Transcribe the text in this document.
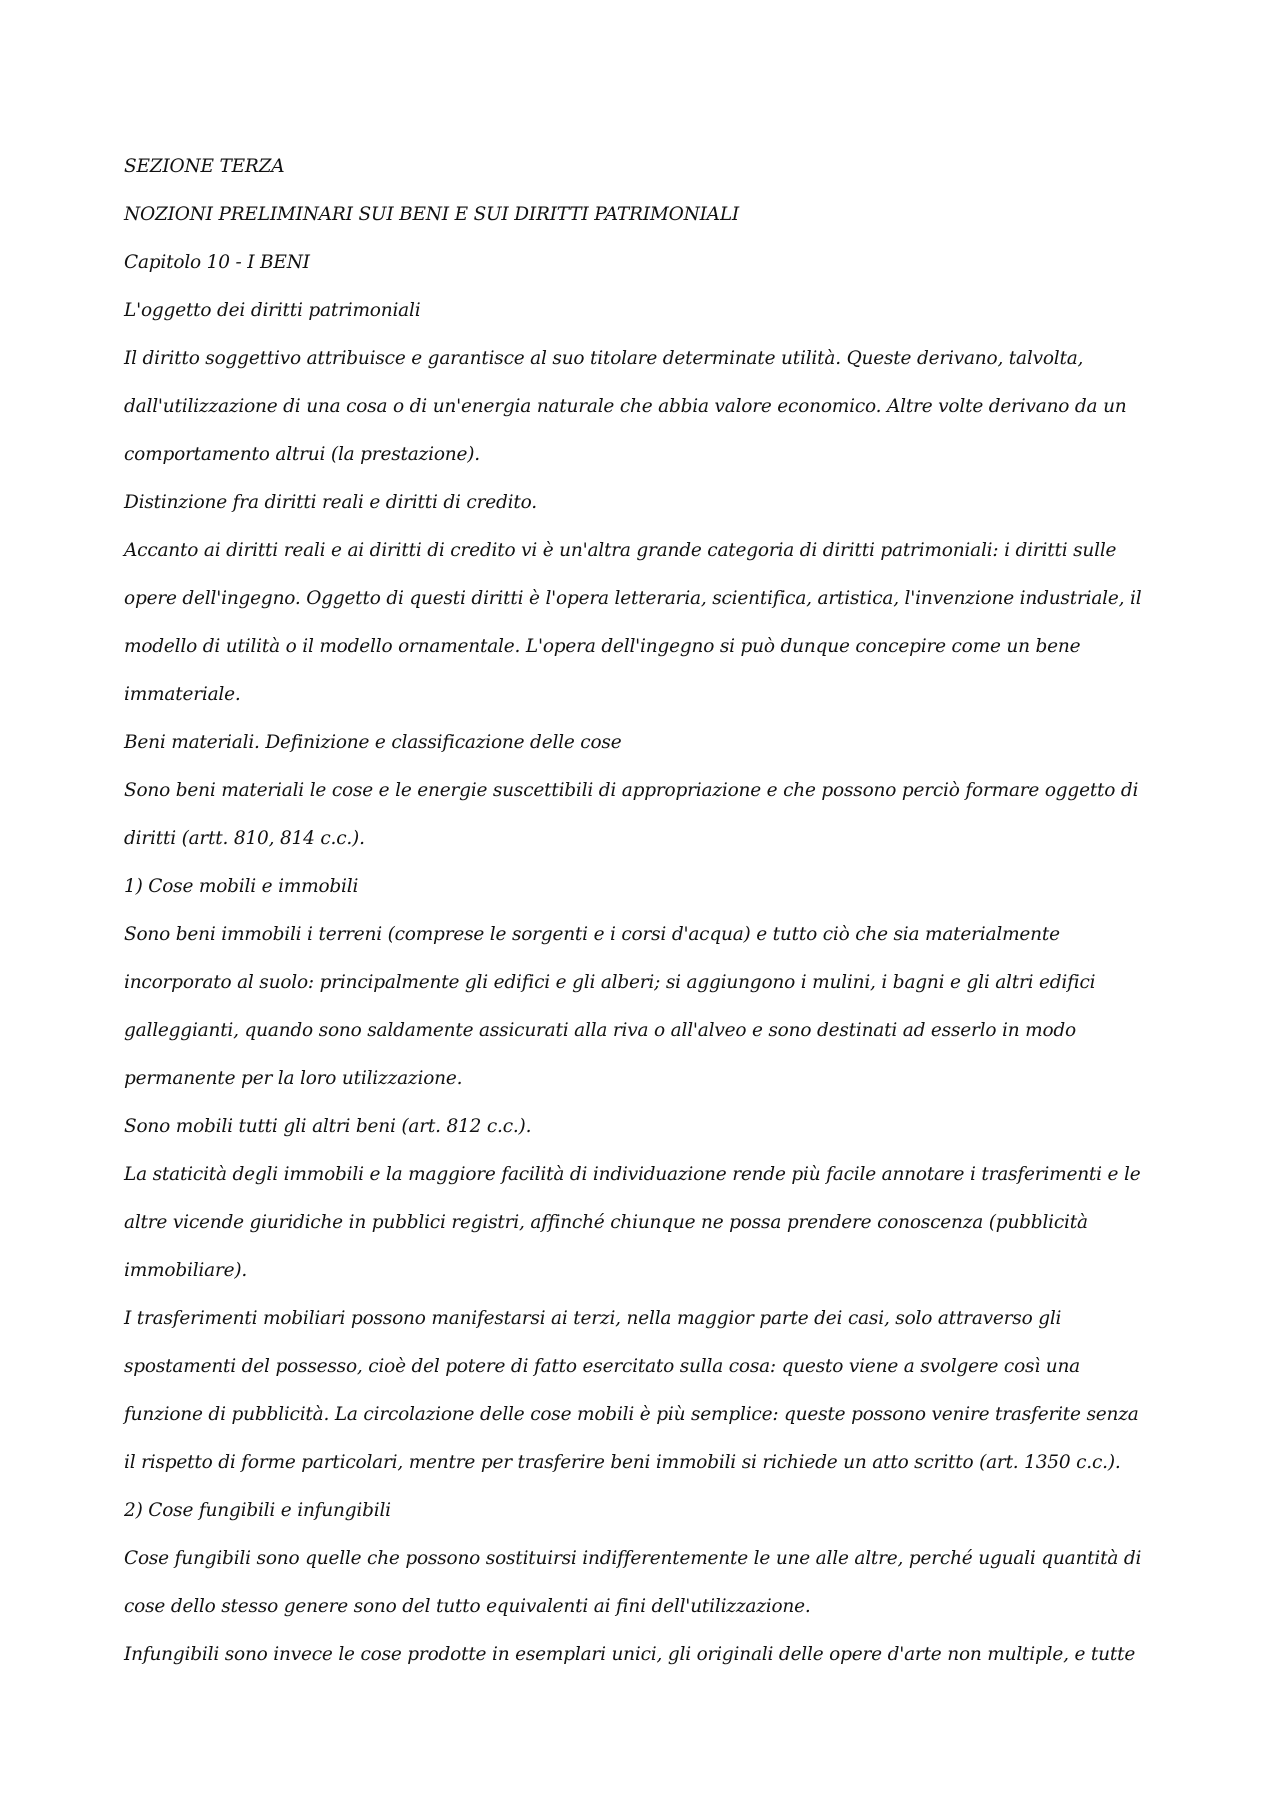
SEZIONE TERZA
NOZIONI PRELIMINARI SUI BENI E SUI DIRITTI PATRIMONIALI
Capitolo 10 - I BENI
L'oggetto dei diritti patrimoniali
Il diritto soggettivo attribuisce e garantisce al suo titolare determinate utilità. Queste derivano, talvolta,
dall'utilizzazione di una cosa o di un'energia naturale che abbia valore economico. Altre volte derivano da un
comportamento altrui (la prestazione).
Distinzione fra diritti reali e diritti di credito.
Accanto ai diritti reali e ai diritti di credito vi è un'altra grande categoria di diritti patrimoniali: i diritti sulle
opere dell'ingegno. Oggetto di questi diritti è l'opera letteraria, scientifica, artistica, l'invenzione industriale, il
modello di utilità o il modello ornamentale. L'opera dell'ingegno si può dunque concepire come un bene
immateriale.
Beni materiali. Definizione e classificazione delle cose
Sono beni materiali le cose e le energie suscettibili di appropriazione e che possono perciò formare oggetto di
diritti (artt. 810, 814 c.c.).
1) Cose mobili e immobili
Sono beni immobili i terreni (comprese le sorgenti e i corsi d'acqua) e tutto ciò che sia materialmente
incorporato al suolo: principalmente gli edifici e gli alberi; si aggiungono i mulini, i bagni e gli altri edifici
galleggianti, quando sono saldamente assicurati alla riva o all'alveo e sono destinati ad esserlo in modo
permanente per la loro utilizzazione.
Sono mobili tutti gli altri beni (art. 812 c.c.).
La staticità degli immobili e la maggiore facilità di individuazione rende più facile annotare i trasferimenti e le
altre vicende giuridiche in pubblici registri, affinché chiunque ne possa prendere conoscenza (pubblicità
immobiliare).
I trasferimenti mobiliari possono manifestarsi ai terzi, nella maggior parte dei casi, solo attraverso gli
spostamenti del possesso, cioè del potere di fatto esercitato sulla cosa: questo viene a svolgere così una
funzione di pubblicità. La circolazione delle cose mobili è più semplice: queste possono venire trasferite senza
il rispetto di forme particolari, mentre per trasferire beni immobili si richiede un atto scritto (art. 1350 c.c.).
2) Cose fungibili e infungibili
Cose fungibili sono quelle che possono sostituirsi indifferentemente le une alle altre, perché uguali quantità di
cose dello stesso genere sono del tutto equivalenti ai fini dell'utilizzazione.
Infungibili sono invece le cose prodotte in esemplari unici, gli originali delle opere d'arte non multiple, e tutte
